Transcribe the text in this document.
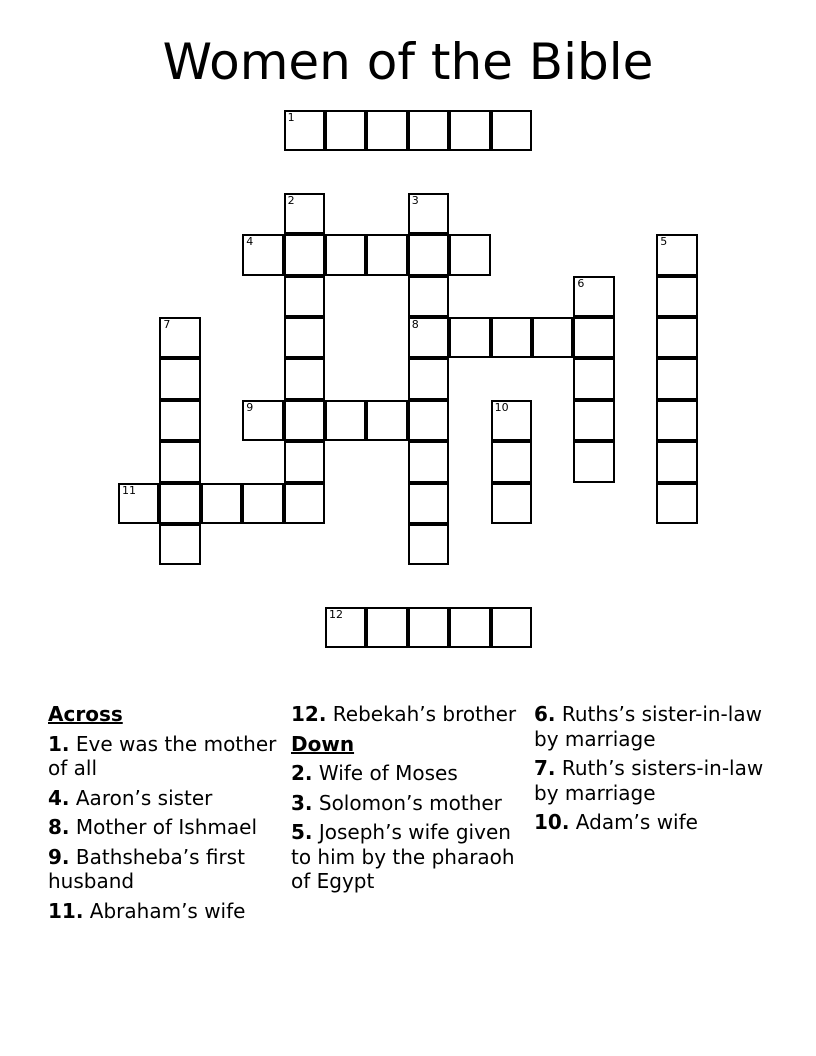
Women of the Bible
1
2	3
8
4	5
6
7
9	10
11
12
Across
1. Eve was the mother of all
4. Aaron’s sister
8. Mother of Ishmael
9. Bathsheba’s first husband
11. Abraham’s wife
12. Rebekah’s brother
Down
2. Wife of Moses
3. Solomon’s mother
5. Joseph’s wife given to him by the pharaoh of Egypt
6. Ruths’s sister-in-law by marriage
7. Ruth’s sisters-in-law by marriage
10. Adam’s wife
